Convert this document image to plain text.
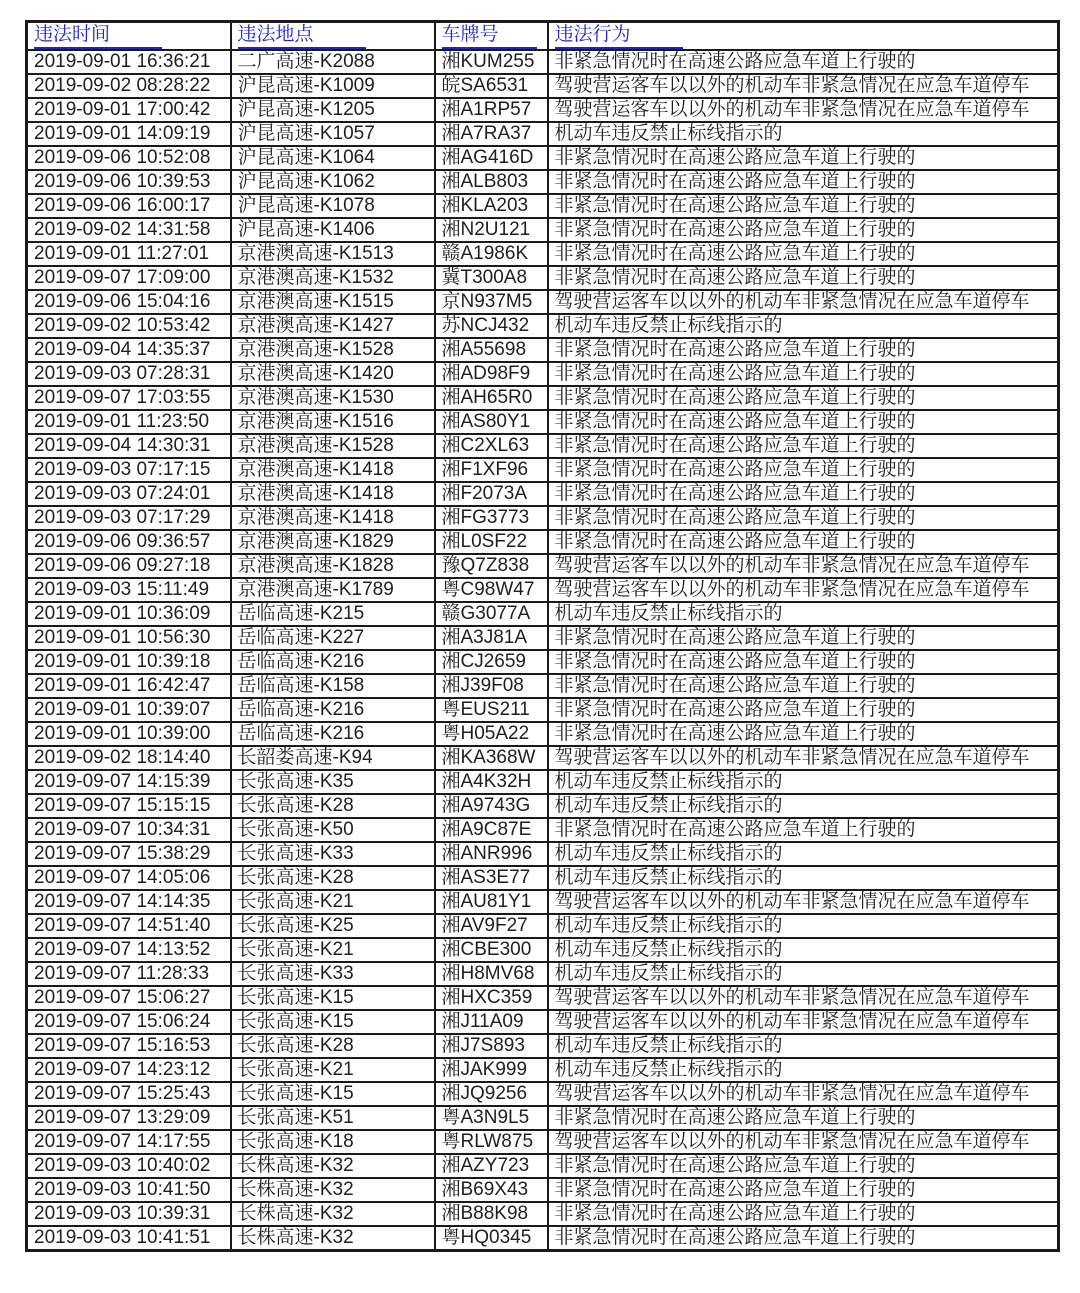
违法时间	违法地点	车牌号	违法行为
2019-09-01 16:36:21	二广高速-K2088	湘KUM255	非紧急情况时在高速公路应急车道上行驶的
2019-09-02 08:28:22	沪昆高速-K1009	皖SA6531	驾驶营运客车以以外的机动车非紧急情况在应急车道停车
2019-09-01 17:00:42	沪昆高速-K1205	湘A1RP57	驾驶营运客车以以外的机动车非紧急情况在应急车道停车
2019-09-01 14:09:19	沪昆高速-K1057	湘A7RA37	机动车违反禁止标线指示的
2019-09-06 10:52:08	沪昆高速-K1064	湘AG416D	非紧急情况时在高速公路应急车道上行驶的
2019-09-06 10:39:53	沪昆高速-K1062	湘ALB803	非紧急情况时在高速公路应急车道上行驶的
2019-09-06 16:00:17	沪昆高速-K1078	湘KLA203	非紧急情况时在高速公路应急车道上行驶的
2019-09-02 14:31:58	沪昆高速-K1406	湘N2U121	非紧急情况时在高速公路应急车道上行驶的
2019-09-01 11:27:01	京港澳高速-K1513	赣A1986K	非紧急情况时在高速公路应急车道上行驶的
2019-09-07 17:09:00	京港澳高速-K1532	冀T300A8	非紧急情况时在高速公路应急车道上行驶的
2019-09-06 15:04:16	京港澳高速-K1515	京N937M5	驾驶营运客车以以外的机动车非紧急情况在应急车道停车
2019-09-02 10:53:42	京港澳高速-K1427	苏NCJ432	机动车违反禁止标线指示的
2019-09-04 14:35:37	京港澳高速-K1528	湘A55698	非紧急情况时在高速公路应急车道上行驶的
2019-09-03 07:28:31	京港澳高速-K1420	湘AD98F9	非紧急情况时在高速公路应急车道上行驶的
2019-09-07 17:03:55	京港澳高速-K1530	湘AH65R0	非紧急情况时在高速公路应急车道上行驶的
2019-09-01 11:23:50	京港澳高速-K1516	湘AS80Y1	非紧急情况时在高速公路应急车道上行驶的
2019-09-04 14:30:31	京港澳高速-K1528	湘C2XL63	非紧急情况时在高速公路应急车道上行驶的
2019-09-03 07:17:15	京港澳高速-K1418	湘F1XF96	非紧急情况时在高速公路应急车道上行驶的
2019-09-03 07:24:01	京港澳高速-K1418	湘F2073A	非紧急情况时在高速公路应急车道上行驶的
2019-09-03 07:17:29	京港澳高速-K1418	湘FG3773	非紧急情况时在高速公路应急车道上行驶的
2019-09-06 09:36:57	京港澳高速-K1829	湘L0SF22	非紧急情况时在高速公路应急车道上行驶的
2019-09-06 09:27:18	京港澳高速-K1828	豫Q7Z838	驾驶营运客车以以外的机动车非紧急情况在应急车道停车
2019-09-03 15:11:49	京港澳高速-K1789	粤C98W47	驾驶营运客车以以外的机动车非紧急情况在应急车道停车
2019-09-01 10:36:09	岳临高速-K215	赣G3077A	机动车违反禁止标线指示的
2019-09-01 10:56:30	岳临高速-K227	湘A3J81A	非紧急情况时在高速公路应急车道上行驶的
2019-09-01 10:39:18	岳临高速-K216	湘CJ2659	非紧急情况时在高速公路应急车道上行驶的
2019-09-01 16:42:47	岳临高速-K158	湘J39F08	非紧急情况时在高速公路应急车道上行驶的
2019-09-01 10:39:07	岳临高速-K216	粤EUS211	非紧急情况时在高速公路应急车道上行驶的
2019-09-01 10:39:00	岳临高速-K216	粤H05A22	非紧急情况时在高速公路应急车道上行驶的
2019-09-02 18:14:40	长韶娄高速-K94	湘KA368W	驾驶营运客车以以外的机动车非紧急情况在应急车道停车
2019-09-07 14:15:39	长张高速-K35	湘A4K32H	机动车违反禁止标线指示的
2019-09-07 15:15:15	长张高速-K28	湘A9743G	机动车违反禁止标线指示的
2019-09-07 10:34:31	长张高速-K50	湘A9C87E	非紧急情况时在高速公路应急车道上行驶的
2019-09-07 15:38:29	长张高速-K33	湘ANR996	机动车违反禁止标线指示的
2019-09-07 14:05:06	长张高速-K28	湘AS3E77	机动车违反禁止标线指示的
2019-09-07 14:14:35	长张高速-K21	湘AU81Y1	驾驶营运客车以以外的机动车非紧急情况在应急车道停车
2019-09-07 14:51:40	长张高速-K25	湘AV9F27	机动车违反禁止标线指示的
2019-09-07 14:13:52	长张高速-K21	湘CBE300	机动车违反禁止标线指示的
2019-09-07 11:28:33	长张高速-K33	湘H8MV68	机动车违反禁止标线指示的
2019-09-07 15:06:27	长张高速-K15	湘HXC359	驾驶营运客车以以外的机动车非紧急情况在应急车道停车
2019-09-07 15:06:24	长张高速-K15	湘J11A09	驾驶营运客车以以外的机动车非紧急情况在应急车道停车
2019-09-07 15:16:53	长张高速-K28	湘J7S893	机动车违反禁止标线指示的
2019-09-07 14:23:12	长张高速-K21	湘JAK999	机动车违反禁止标线指示的
2019-09-07 15:25:43	长张高速-K15	湘JQ9256	驾驶营运客车以以外的机动车非紧急情况在应急车道停车
2019-09-07 13:29:09	长张高速-K51	粤A3N9L5	非紧急情况时在高速公路应急车道上行驶的
2019-09-07 14:17:55	长张高速-K18	粤RLW875	驾驶营运客车以以外的机动车非紧急情况在应急车道停车
2019-09-03 10:40:02	长株高速-K32	湘AZY723	非紧急情况时在高速公路应急车道上行驶的
2019-09-03 10:41:50	长株高速-K32	湘B69X43	非紧急情况时在高速公路应急车道上行驶的
2019-09-03 10:39:31	长株高速-K32	湘B88K98	非紧急情况时在高速公路应急车道上行驶的
2019-09-03 10:41:51	长株高速-K32	粤HQ0345	非紧急情况时在高速公路应急车道上行驶的
